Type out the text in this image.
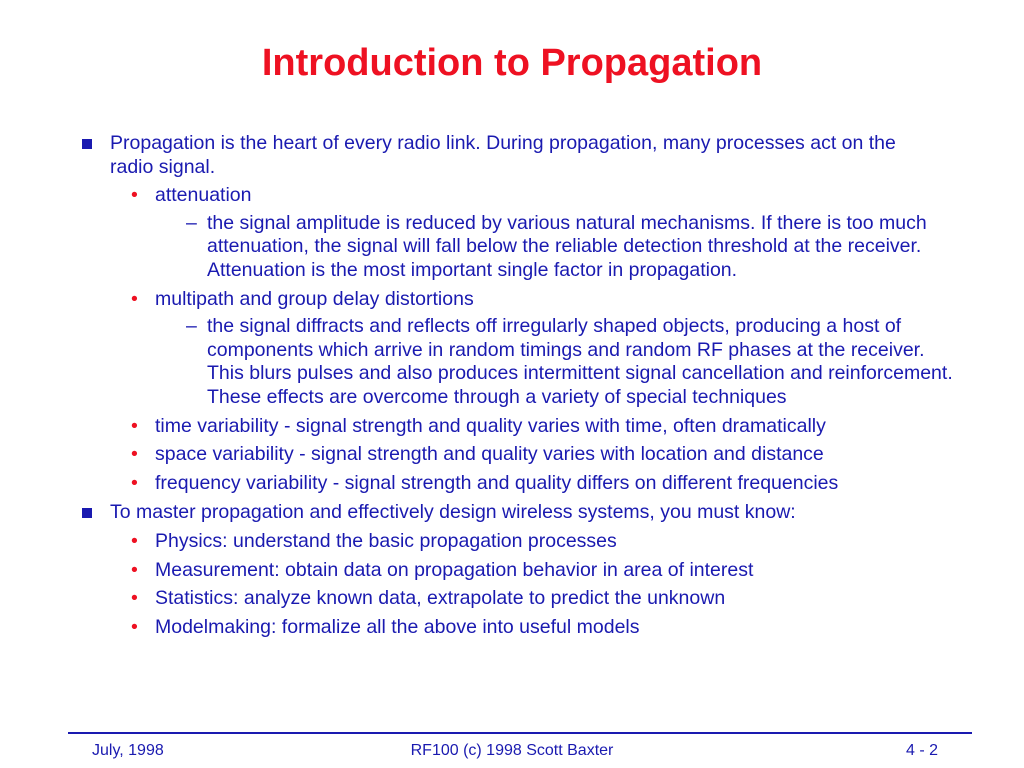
Introduction to Propagation
Propagation is the heart of every radio link. During propagation, many processes act on the radio signal.
• attenuation
– the signal amplitude is reduced by various natural mechanisms. If there is too much attenuation, the signal will fall below the reliable detection threshold at the receiver. Attenuation is the most important single factor in propagation.
• multipath and group delay distortions
– the signal diffracts and reflects off irregularly shaped objects, producing a host of components which arrive in random timings and random RF phases at the receiver. This blurs pulses and also produces intermittent signal cancellation and reinforcement. These effects are overcome through a variety of special techniques
• time variability - signal strength and quality varies with time, often dramatically
• space variability - signal strength and quality varies with location and distance
• frequency variability - signal strength and quality differs on different frequencies
To master propagation and effectively design wireless systems, you must know:
• Physics: understand the basic propagation processes
• Measurement: obtain data on propagation behavior in area of interest
• Statistics: analyze known data, extrapolate to predict the unknown
• Modelmaking: formalize all the above into useful models
July, 1998	RF100 (c) 1998 Scott Baxter	4 - 2
